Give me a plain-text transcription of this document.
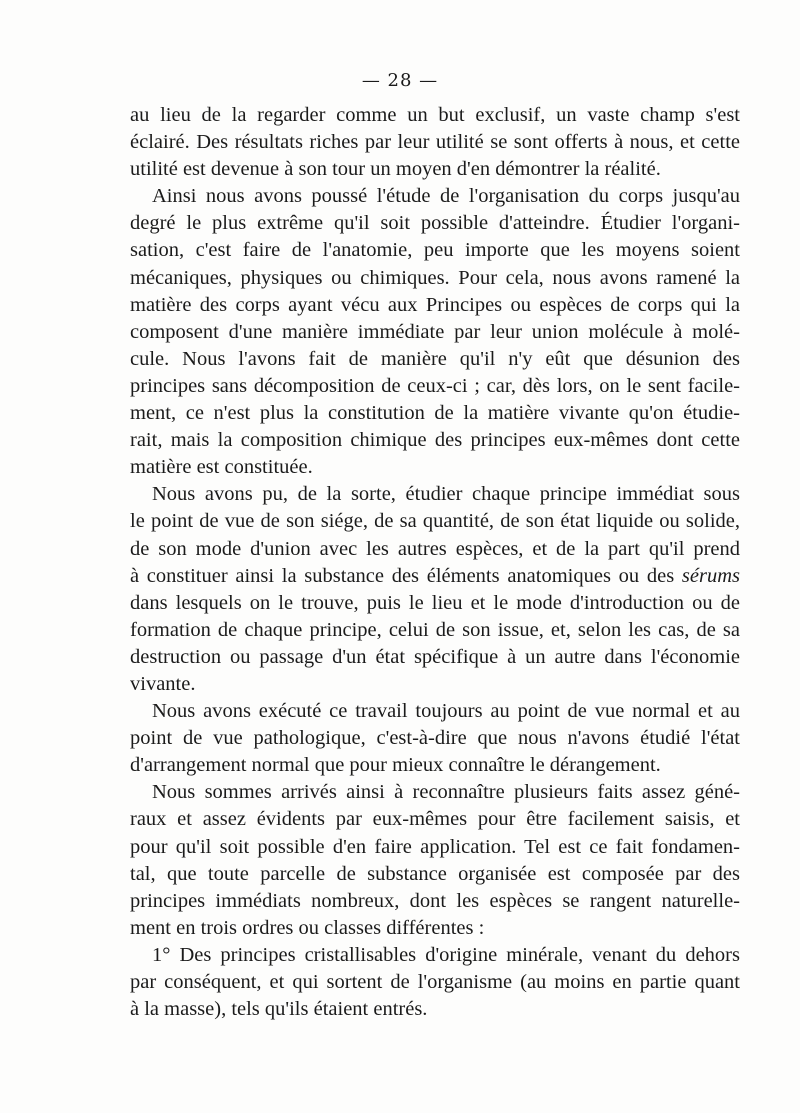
— 28 —
au lieu de la regarder comme un but exclusif, un vaste champ s'est
éclairé. Des résultats riches par leur utilité se sont offerts à nous, et cette
utilité est devenue à son tour un moyen d'en démontrer la réalité.
Ainsi nous avons poussé l'étude de l'organisation du corps jusqu'au
degré le plus extrême qu'il soit possible d'atteindre. Étudier l'organi-
sation, c'est faire de l'anatomie, peu importe que les moyens soient
mécaniques, physiques ou chimiques. Pour cela, nous avons ramené la
matière des corps ayant vécu aux Principes ou espèces de corps qui la
composent d'une manière immédiate par leur union molécule à molé-
cule. Nous l'avons fait de manière qu'il n'y eût que désunion des
principes sans décomposition de ceux-ci ; car, dès lors, on le sent facile-
ment, ce n'est plus la constitution de la matière vivante qu'on étudie-
rait, mais la composition chimique des principes eux-mêmes dont cette
matière est constituée.
Nous avons pu, de la sorte, étudier chaque principe immédiat sous
le point de vue de son siége, de sa quantité, de son état liquide ou solide,
de son mode d'union avec les autres espèces, et de la part qu'il prend
à constituer ainsi la substance des éléments anatomiques ou des sérums
dans lesquels on le trouve, puis le lieu et le mode d'introduction ou de
formation de chaque principe, celui de son issue, et, selon les cas, de sa
destruction ou passage d'un état spécifique à un autre dans l'économie
vivante.
Nous avons exécuté ce travail toujours au point de vue normal et au
point de vue pathologique, c'est-à-dire que nous n'avons étudié l'état
d'arrangement normal que pour mieux connaître le dérangement.
Nous sommes arrivés ainsi à reconnaître plusieurs faits assez géné-
raux et assez évidents par eux-mêmes pour être facilement saisis, et
pour qu'il soit possible d'en faire application. Tel est ce fait fondamen-
tal, que toute parcelle de substance organisée est composée par des
principes immédiats nombreux, dont les espèces se rangent naturelle-
ment en trois ordres ou classes différentes :
1° Des principes cristallisables d'origine minérale, venant du dehors
par conséquent, et qui sortent de l'organisme (au moins en partie quant
à la masse), tels qu'ils étaient entrés.
